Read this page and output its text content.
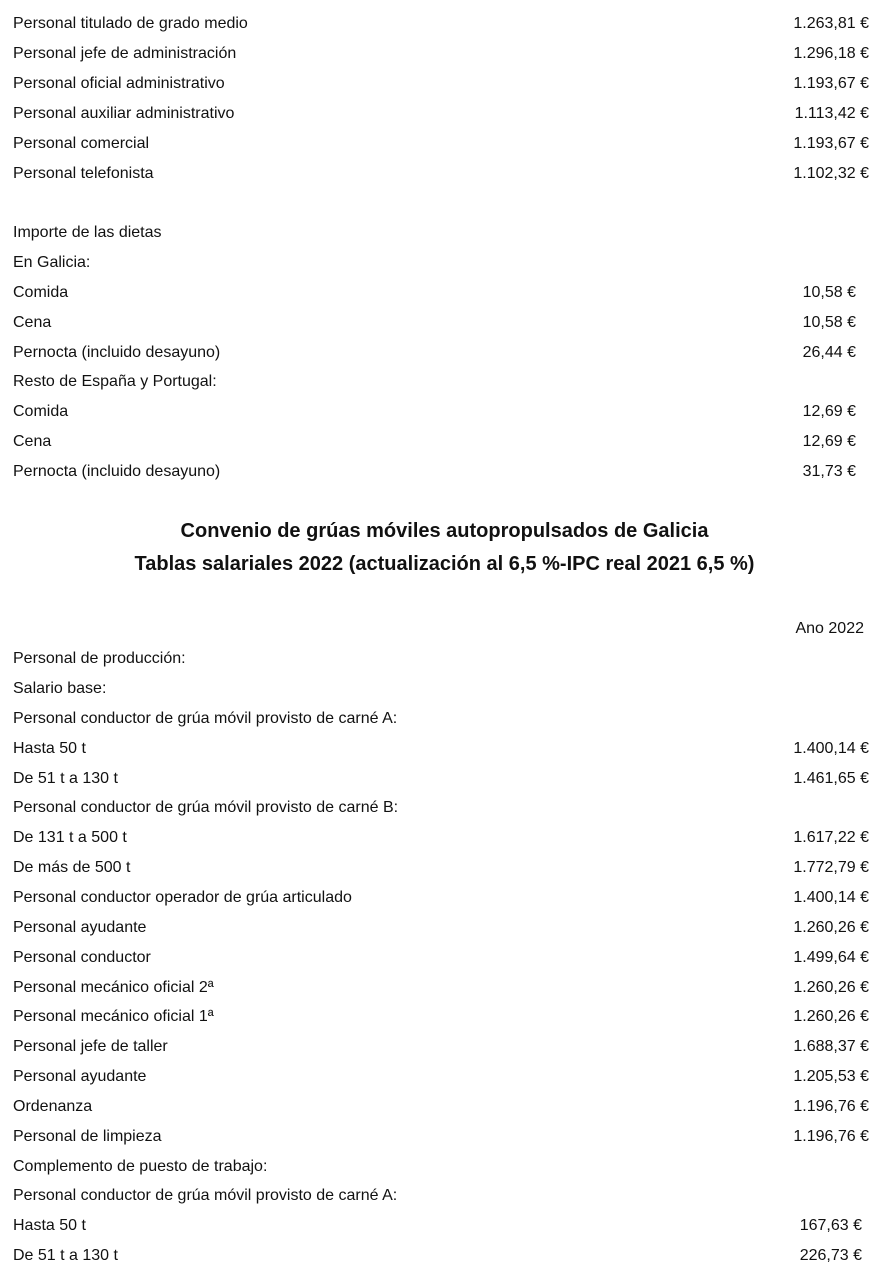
Personal titulado de grado medio	1.263,81 €
Personal jefe de administración	1.296,18 €
Personal oficial administrativo	1.193,67 €
Personal auxiliar administrativo	1.113,42 €
Personal comercial	1.193,67 €
Personal telefonista	1.102,32 €
Importe de las dietas
En Galicia:
Comida	10,58 €
Cena	10,58 €
Pernocta (incluido desayuno)	26,44 €
Resto de España y Portugal:
Comida	12,69 €
Cena	12,69 €
Pernocta (incluido desayuno)	31,73 €
Convenio de grúas móviles autopropulsados de Galicia
Tablas salariales 2022 (actualización al 6,5 %-IPC real 2021 6,5 %)
Ano 2022
Personal de producción:
Salario base:
Personal conductor de grúa móvil provisto de carné A:
Hasta 50 t	1.400,14 €
De 51 t a 130 t	1.461,65 €
Personal conductor de grúa móvil provisto de carné B:
De 131 t a 500 t	1.617,22 €
De más de 500 t	1.772,79 €
Personal conductor operador de grúa articulado	1.400,14 €
Personal ayudante	1.260,26 €
Personal conductor	1.499,64 €
Personal mecánico oficial 2ª	1.260,26 €
Personal mecánico oficial 1ª	1.260,26 €
Personal jefe de taller	1.688,37 €
Personal ayudante	1.205,53 €
Ordenanza	1.196,76 €
Personal de limpieza	1.196,76 €
Complemento de puesto de trabajo:
Personal conductor de grúa móvil provisto de carné A:
Hasta 50 t	167,63 €
De 51 t a 130 t	226,73 €
